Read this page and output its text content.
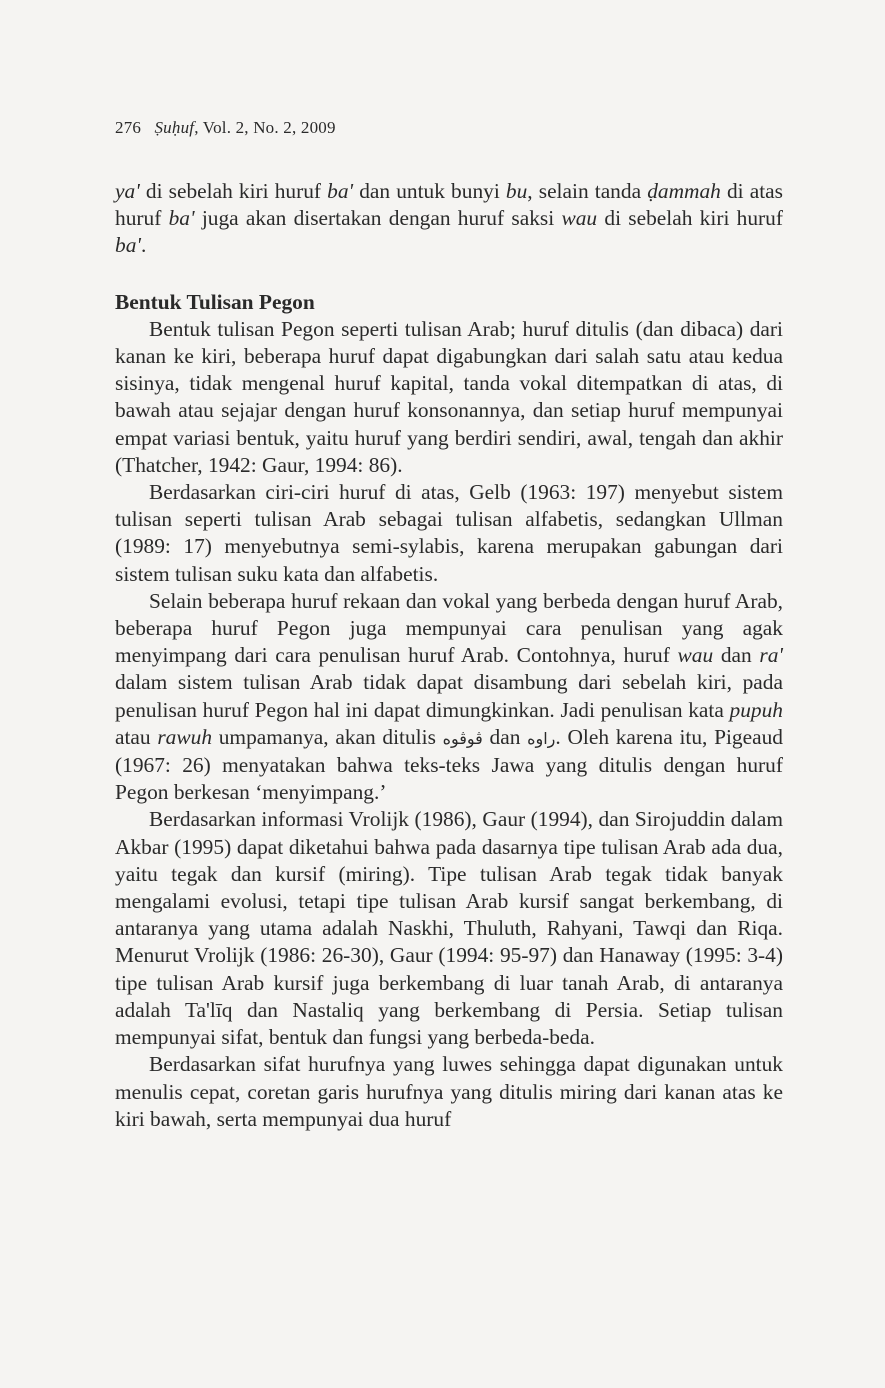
276 Ṣuḥuf, Vol. 2, No. 2, 2009

ya' di sebelah kiri huruf ba' dan untuk bunyi bu, selain tanda ḍammah di atas huruf ba' juga akan disertakan dengan huruf saksi wau di sebelah kiri huruf ba'.

Bentuk Tulisan Pegon

Bentuk tulisan Pegon seperti tulisan Arab; huruf ditulis (dan dibaca) dari kanan ke kiri, beberapa huruf dapat digabungkan dari salah satu atau kedua sisinya, tidak mengenal huruf kapital, tanda vokal ditempatkan di atas, di bawah atau sejajar dengan huruf konsonannya, dan setiap huruf mempunyai empat variasi bentuk, yaitu huruf yang berdiri sendiri, awal, tengah dan akhir (Thatcher, 1942: Gaur, 1994: 86).

Berdasarkan ciri-ciri huruf di atas, Gelb (1963: 197) menyebut sistem tulisan seperti tulisan Arab sebagai tulisan alfabetis, sedangkan Ullman (1989: 17) menyebutnya semi-sylabis, karena merupakan gabungan dari sistem tulisan suku kata dan alfabetis.

Selain beberapa huruf rekaan dan vokal yang berbeda dengan huruf Arab, beberapa huruf Pegon juga mempunyai cara penulisan yang agak menyimpang dari cara penulisan huruf Arab. Contohnya, huruf wau dan ra' dalam sistem tulisan Arab tidak dapat disambung dari sebelah kiri, pada penulisan huruf Pegon hal ini dapat dimungkinkan. Jadi penulisan kata pupuh atau rawuh umpamanya, akan ditulis ڤوڤوه dan راوه. Oleh karena itu, Pigeaud (1967: 26) menyatakan bahwa teks-teks Jawa yang ditulis dengan huruf Pegon berkesan ‘menyimpang.’

Berdasarkan informasi Vrolijk (1986), Gaur (1994), dan Sirojuddin dalam Akbar (1995) dapat diketahui bahwa pada dasarnya tipe tulisan Arab ada dua, yaitu tegak dan kursif (miring). Tipe tulisan Arab tegak tidak banyak mengalami evolusi, tetapi tipe tulisan Arab kursif sangat berkembang, di antaranya yang utama adalah Naskhi, Thuluth, Rahyani, Tawqi dan Riqa. Menurut Vrolijk (1986: 26-30), Gaur (1994: 95-97) dan Hanaway (1995: 3-4) tipe tulisan Arab kursif juga berkembang di luar tanah Arab, di antaranya adalah Ta'līq dan Nastaliq yang berkembang di Persia. Setiap tulisan mempunyai sifat, bentuk dan fungsi yang berbeda-beda.

Berdasarkan sifat hurufnya yang luwes sehingga dapat digunakan untuk menulis cepat, coretan garis hurufnya yang ditulis miring dari kanan atas ke kiri bawah, serta mempunyai dua huruf
